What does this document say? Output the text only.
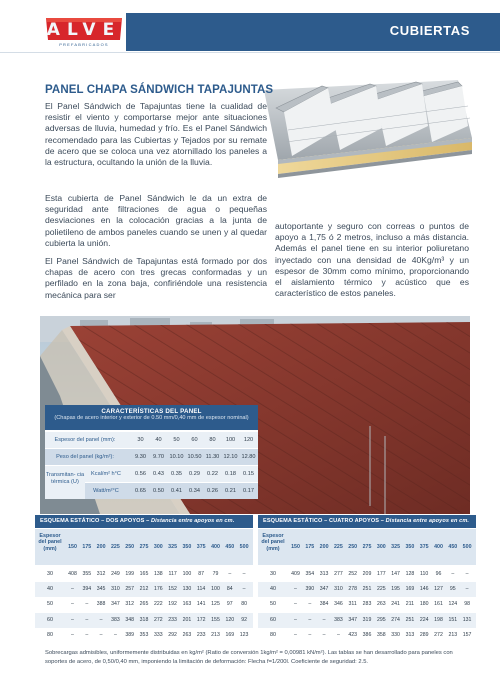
ALVE
PREFABRICADOS
CUBIERTAS
PANEL CHAPA SÁNDWICH TAPAJUNTAS

El Panel Sándwich de Tapajuntas tiene la cualidad de resistir el viento y comportarse mejor ante situaciones adversas de lluvia, humedad y frío. Es el Panel Sándwich recomendado para las Cubiertas y Tejados por su remate de acero que se coloca una vez atornillado los paneles a la estructura, ocultando la unión de la lluvia.

Esta cubierta de Panel Sándwich le da un extra de seguridad ante filtraciones de agua o pequeñas desviaciones en la colocación gracias a la junta de polietileno de ambos paneles cuando se unen y al quedar cubierta la unión.

El Panel Sándwich de Tapajuntas está formado por dos chapas de acero con tres grecas conformadas y un perfilado en la zona baja, confiriéndole una resistencia mecánica para ser

autoportante y seguro con correas o puntos de apoyo a 1,75 ó 2 metros, incluso a más distancia. Además el panel tiene en su interior poliuretano inyectado con una densidad de 40Kg/m³ y un espesor de 30mm como mínimo, proporcionando el aislamiento térmico y acústico que es característico de estos paneles.

CARACTERÍSTICAS DEL PANEL
(Chapas de acero interior y exterior de 0.50 mm/0,40 mm de espesor nominal)
Espesor del panel (mm):	30	40	50	60	80	100	120
Peso del panel (kg/m²):	9.30	9.70 10.10 10.50 11.30 12.10 12.80
Kcal/m² h°C	0.56	0.43	0.35	0.29	0.22	0.18	0.15
Watt/m²°C	0.65	0.50	0.41	0.34	0.26	0.21	0.17
Transmitan- cia térmica (U)
ESQUEMA ESTÁTICO – DOS APOYOS – Distancia entre apoyos en cm.
Espesor del panel (mm)	150	175	200	225	250	275	300	325	350	375	400	450	500
30	408	355	312	249	199	165	138	117	100	87	79	–	–
40	–	394	345	310	257	212	176	152	130	114	100	84	–
50	–	–	388	347	312	265	222	192	163	141	125	97	80
60	–	–	–	383	348	318	272	233	201	172	155	120	92
80	–	–	–	–	389	353	333	292	263	233	213	169	123
ESQUEMA ESTÁTICO – CUATRO APOYOS – Distancia entre apoyos en cm.
Espesor del panel (mm)	150	175	200	225	250	275	300	325	350	375	400	450	500
30	409	354	313	277	252	209	177	147	128	110	96	–	–
40	–	390	347	310	278	251	225	195	169	146	127	95	–
50	–	–	384	346	311	283	263	241	211	180	161	124	98
60	–	–	–	383	347	319	295	274	251	224	198	151	131
80	–	–	–	–	423	386	358	330	313	289	272	213	157

Sobrecargas admisibles, uniformemente distribuidas en kg/m² (Ratio de conversión 1kg/m² = 0,00981 kN/m²). Las tablas se han desarrollado para paneles con soportes de acero, de 0,50/0,40 mm, imponiendo la limitación de deformación: Flecha f=1/200l. Coeficiente de seguridad: 2.5.
